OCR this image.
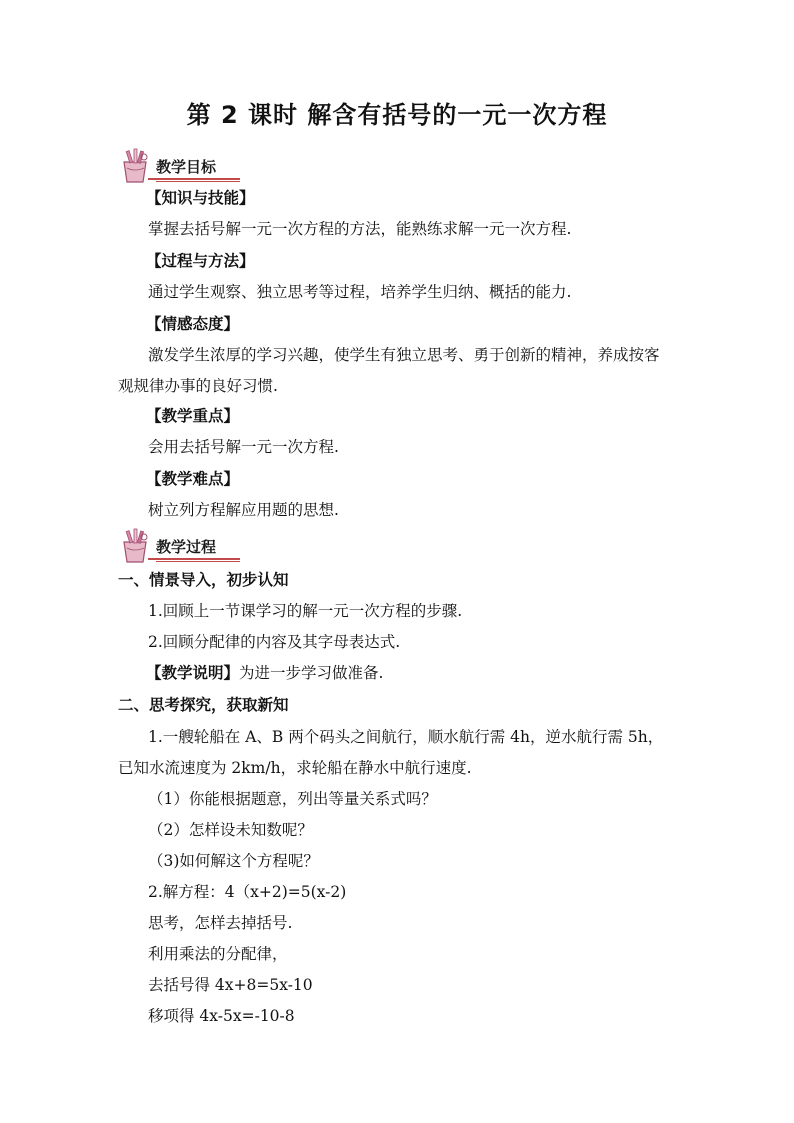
第 2 课时 解含有括号的一元一次方程
教学目标
【知识与技能】
掌握去括号解一元一次方程的方法，能熟练求解一元一次方程.
【过程与方法】
通过学生观察、独立思考等过程，培养学生归纳、概括的能力.
【情感态度】
激发学生浓厚的学习兴趣，使学生有独立思考、勇于创新的精神，养成按客
观规律办事的良好习惯.
【教学重点】
会用去括号解一元一次方程.
【教学难点】
树立列方程解应用题的思想.
教学过程
一、情景导入，初步认知
1.回顾上一节课学习的解一元一次方程的步骤.
2.回顾分配律的内容及其字母表达式.
【教学说明】为进一步学习做准备.
二、思考探究，获取新知
1.一艘轮船在 A、B 两个码头之间航行，顺水航行需 4h，逆水航行需 5h，
已知水流速度为 2km/h，求轮船在静水中航行速度.
（1）你能根据题意，列出等量关系式吗？
（2）怎样设未知数呢？
（3)如何解这个方程呢？
2.解方程：4（x+2)=5(x-2)
思考，怎样去掉括号.
利用乘法的分配律，
去括号得 4x+8=5x-10
移项得 4x-5x=-10-8
